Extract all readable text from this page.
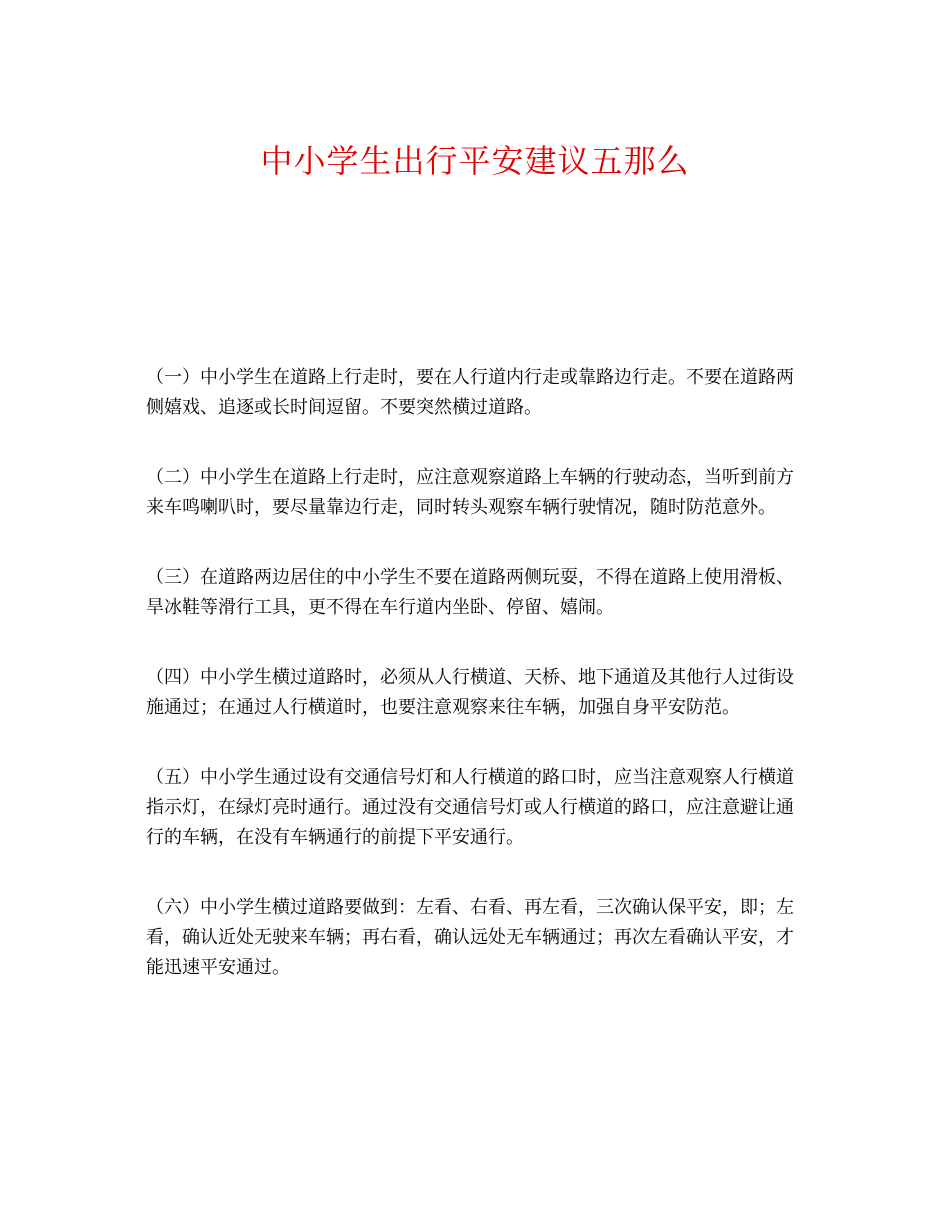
中小学生出行平安建议五那么

（一）中小学生在道路上行走时，要在人行道内行走或靠路边行走。不要在道路两侧嬉戏、追逐或长时间逗留。不要突然横过道路。

（二）中小学生在道路上行走时，应注意观察道路上车辆的行驶动态，当听到前方来车鸣喇叭时，要尽量靠边行走，同时转头观察车辆行驶情况，随时防范意外。

（三）在道路两边居住的中小学生不要在道路两侧玩耍，不得在道路上使用滑板、旱冰鞋等滑行工具，更不得在车行道内坐卧、停留、嬉闹。

（四）中小学生横过道路时，必须从人行横道、天桥、地下通道及其他行人过街设施通过；在通过人行横道时，也要注意观察来往车辆，加强自身平安防范。

（五）中小学生通过设有交通信号灯和人行横道的路口时，应当注意观察人行横道指示灯，在绿灯亮时通行。通过没有交通信号灯或人行横道的路口，应注意避让通行的车辆，在没有车辆通行的前提下平安通行。

（六）中小学生横过道路要做到：左看、右看、再左看，三次确认保平安，即；左看，确认近处无驶来车辆；再右看，确认远处无车辆通过；再次左看确认平安，才能迅速平安通过。
